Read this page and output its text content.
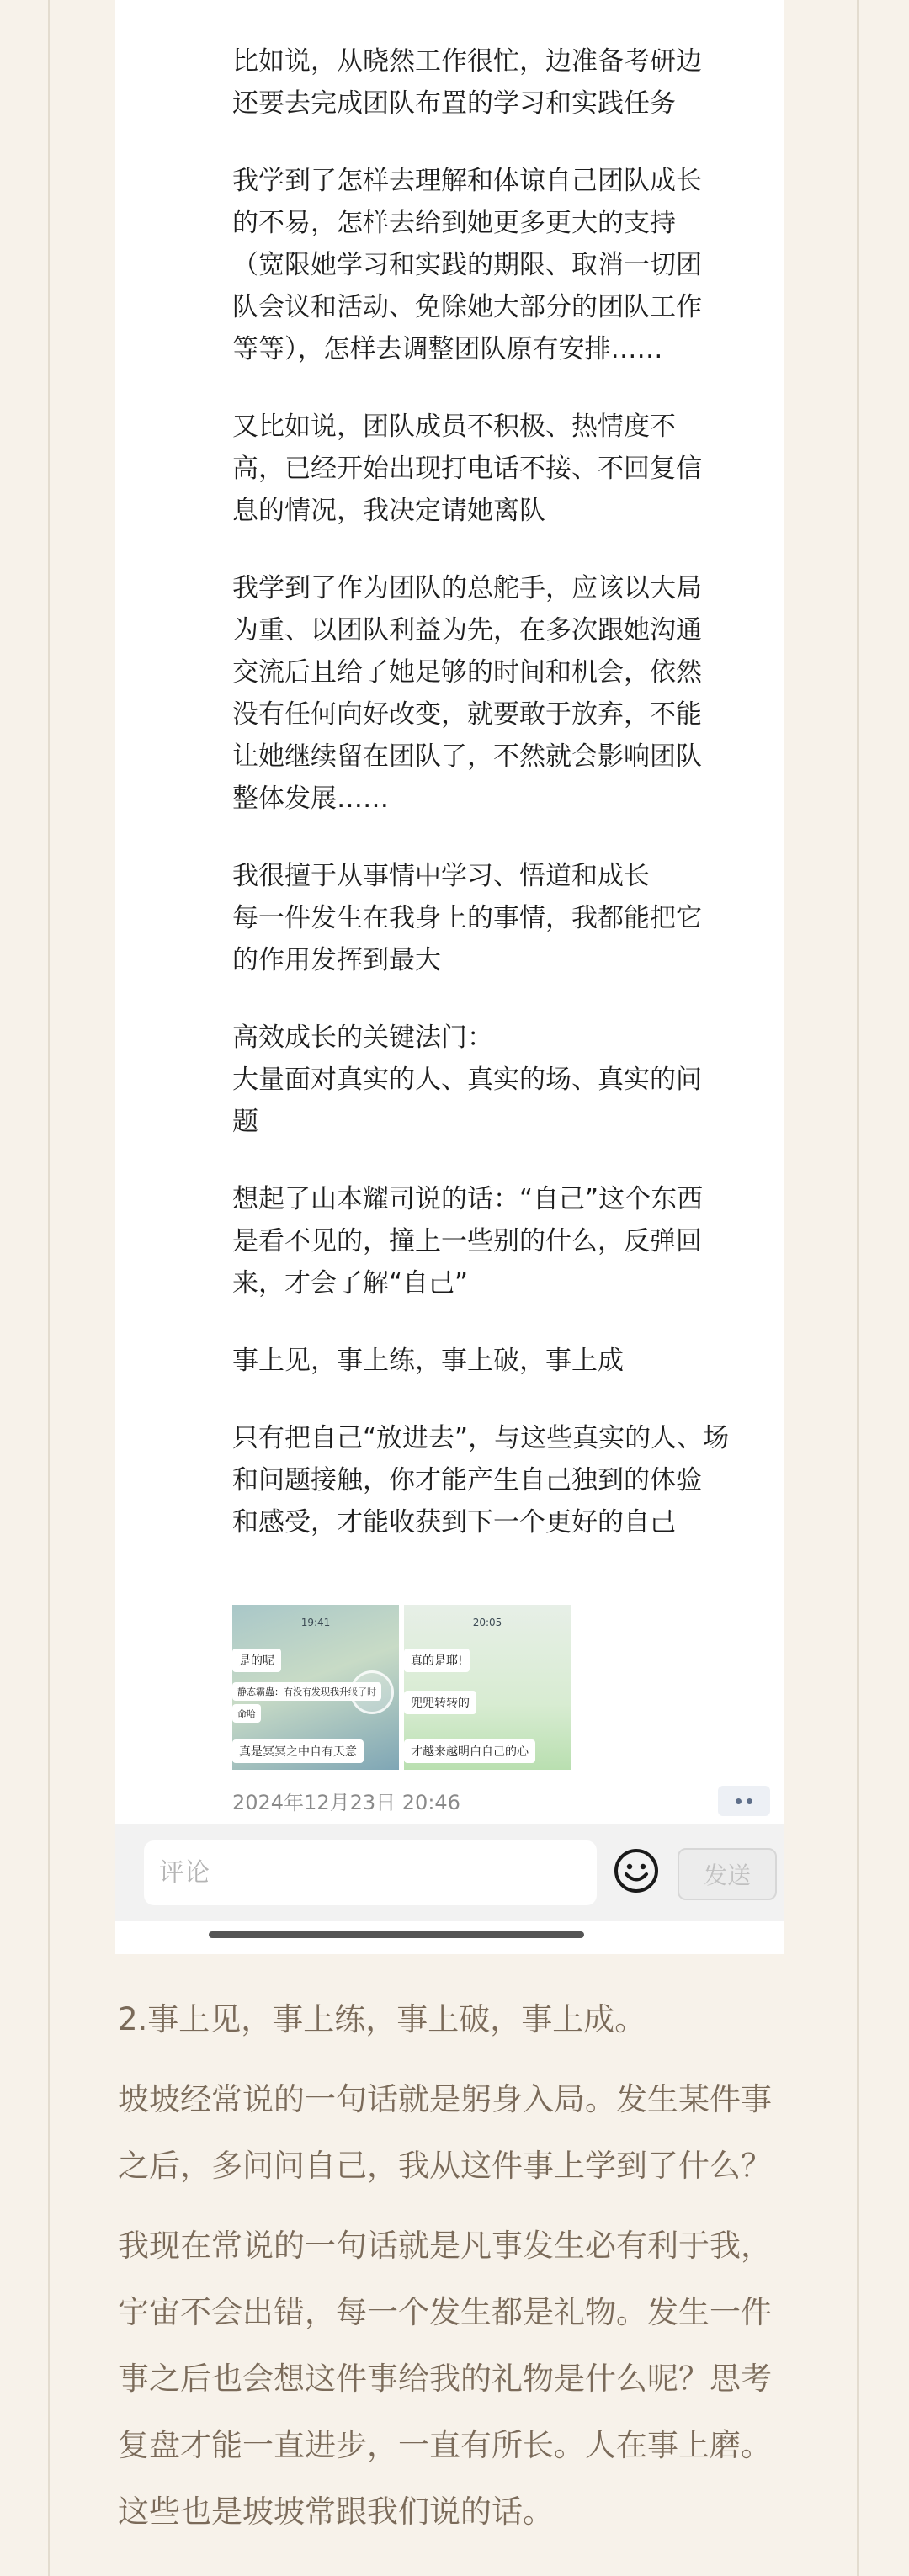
比如说，从晓然工作很忙，边准备考研边
还要去完成团队布置的学习和实践任务

我学到了怎样去理解和体谅自己团队成长
的不易，怎样去给到她更多更大的支持
（宽限她学习和实践的期限、取消一切团
队会议和活动、免除她大部分的团队工作
等等），怎样去调整团队原有安排……

又比如说，团队成员不积极、热情度不
高，已经开始出现打电话不接、不回复信
息的情况，我决定请她离队

我学到了作为团队的总舵手，应该以大局
为重、以团队利益为先，在多次跟她沟通
交流后且给了她足够的时间和机会，依然
没有任何向好改变，就要敢于放弃，不能
让她继续留在团队了，不然就会影响团队
整体发展……

我很擅于从事情中学习、悟道和成长
每一件发生在我身上的事情，我都能把它
的作用发挥到最大

高效成长的关键法门：
大量面对真实的人、真实的场、真实的问
题

想起了山本耀司说的话：“自己”这个东西
是看不见的，撞上一些别的什么，反弹回
来，才会了解“自己”

事上见，事上练，事上破，事上成

只有把自己“放进去”，与这些真实的人、场
和问题接触，你才能产生自己独到的体验
和感受，才能收获到下一个更好的自己

19:41
是的呢
静态霸蟲：有没有发现我升级了时
命哈
真是冥冥之中自有天意
20:05
真的是耶!
兜兜转转的
才越来越明白自己的心
2024年12月23日 20:46
评论
发送

2.事上见，事上练，事上破，事上成。

坡坡经常说的一句话就是躬身入局。发生某件事之后，多问问自己，我从这件事上学到了什么？

我现在常说的一句话就是凡事发生必有利于我，宇宙不会出错，每一个发生都是礼物。发生一件事之后也会想这件事给我的礼物是什么呢？思考复盘才能一直进步，一直有所长。人在事上磨。这些也是坡坡常跟我们说的话。
